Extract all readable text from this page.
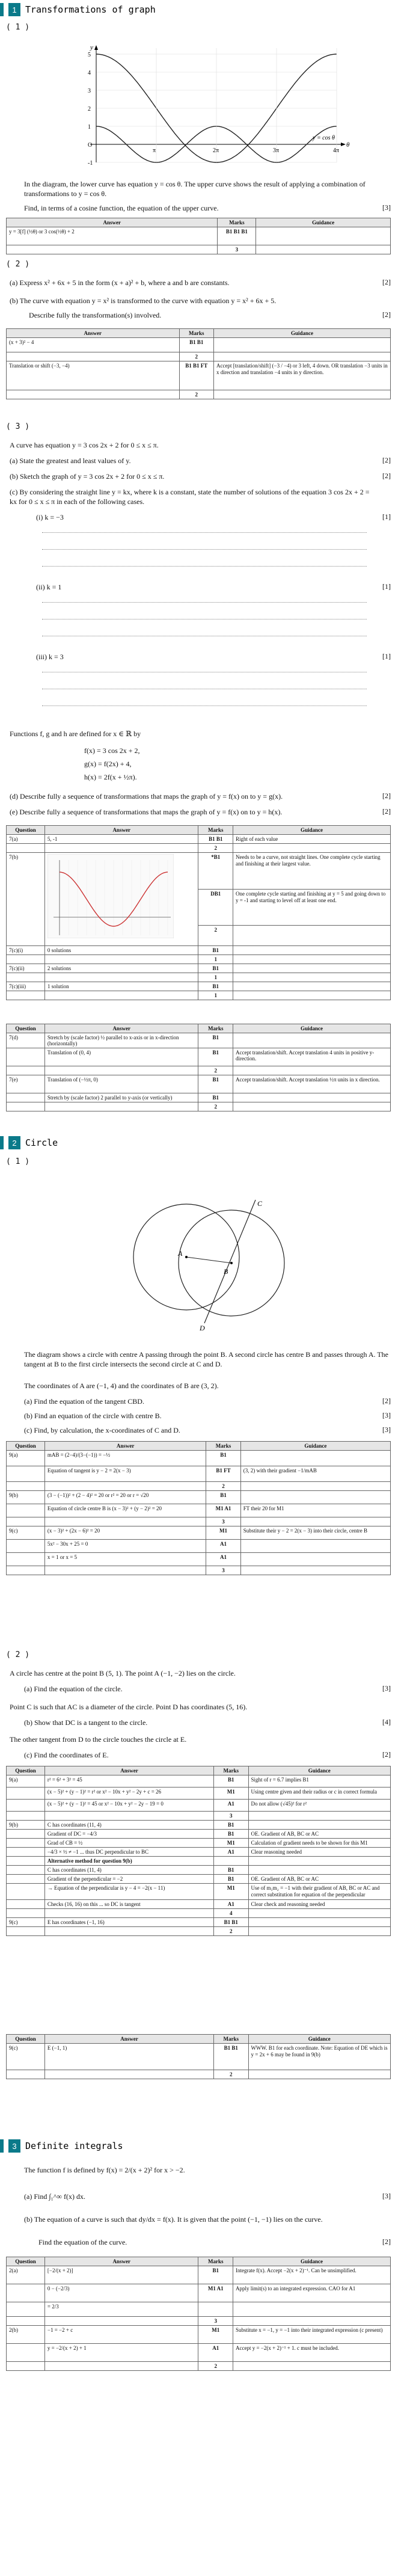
1 Transformations of graph
( 1 )
y
θ
y = cos θ
π	2π	3π	4π
5
4
3
2
1
O
-1
In the diagram, the lower curve has equation y = cos θ. The upper curve shows the result of applying a combination of transformations to y = cos θ.
Find, in terms of a cosine function, the equation of the upper curve.	[3]
Answer	Marks	Guidance
y = 3[f] (½θ) or 3 cos(½θ) + 2	B1 B1 B1	
	3	
( 2 )
(a) Express x² + 6x + 5 in the form (x + a)² + b, where a and b are constants.	[2]
(b) The curve with equation y = x² is transformed to the curve with equation y = x² + 6x + 5.
Describe fully the transformation(s) involved.	[2]
Answer	Marks	Guidance
(x + 3)² − 4	B1 B1	
	2	
Translation or shift (−3, −4)	B1 B1 FT	Accept [translation/shift] (−3 / −4) or 3 left, 4 down. OR translation −3 units in x direction and translation −4 units in y direction.
	2	
( 3 )
A curve has equation y = 3 cos 2x + 2 for 0 ≤ x ≤ π.
(a) State the greatest and least values of y.	[2]
(b) Sketch the graph of y = 3 cos 2x + 2 for 0 ≤ x ≤ π.	[2]
(c) By considering the straight line y = kx, where k is a constant, state the number of solutions of the equation 3 cos 2x + 2 = kx for 0 ≤ x ≤ π in each of the following cases.
(i) k = −3	[1]
(ii) k = 1	[1]
(iii) k = 3	[1]
Functions f, g and h are defined for x ∈ ℝ by
f(x) = 3 cos 2x + 2,
g(x) = f(2x) + 4,
h(x) = 2f(x + ½π).
(d) Describe fully a sequence of transformations that maps the graph of y = f(x) on to y = g(x).	[2]
(e) Describe fully a sequence of transformations that maps the graph of y = f(x) on to y = h(x).	[2]
Question	Answer	Marks	Guidance
7(a)	5, -1	B1 B1	Right of each value
		2	
7(b)		*B1	Needs to be a curve, not straight lines. One complete cycle starting and finishing at their largest value.
		DB1	One complete cycle starting and finishing at y = 5 and going down to y = -1 and starting to level off at least one end.
		2	
7(c)(i)	0 solutions	B1	
		1	
7(c)(ii)	2 solutions	B1	
		1	
7(c)(iii)	1 solution	B1	
		1	
Question	Answer	Marks	Guidance
7(d)	Stretch by (scale factor) ½ parallel to x-axis or in x-direction (horizontally)	B1	
	Translation of (0, 4)	B1	Accept translation/shift. Accept translation 4 units in positive y-direction.
		2	
7(e)	Translation of (−½π, 0)	B1	Accept translation/shift. Accept translation ½π units in x direction.
	Stretch by (scale factor) 2 parallel to y-axis (or vertically)	B1	
		2	
2 Circle
( 1 )
A
B
C
D
The diagram shows a circle with centre A passing through the point B. A second circle has centre B and passes through A. The tangent at B to the first circle intersects the second circle at C and D.
The coordinates of A are (−1, 4) and the coordinates of B are (3, 2).
(a) Find the equation of the tangent CBD.	[2]
(b) Find an equation of the circle with centre B.	[3]
(c) Find, by calculation, the x-coordinates of C and D.	[3]
Question	Answer	Marks	Guidance
9(a)	mAB = (2−4)/(3−(−1)) = −½	B1	
	Equation of tangent is y − 2 = 2(x − 3)	B1 FT	(3, 2) with their gradient −1/mAB
		2	
9(b)	(3 − (−1))² + (2 − 4)² = 20 or r² = 20 or r = √20	B1	
	Equation of circle centre B is (x − 3)² + (y − 2)² = 20	M1 A1	FT their 20 for M1
		3	
9(c)	(x − 3)² + (2x − 6)² = 20	M1	Substitute their y − 2 = 2(x − 3) into their circle, centre B
	5x² − 30x + 25 = 0	A1	
	x = 1 or x = 5	A1	
		3	
( 2 )
A circle has centre at the point B (5, 1). The point A (−1, −2) lies on the circle.
(a) Find the equation of the circle.	[3]
Point C is such that AC is a diameter of the circle. Point D has coordinates (5, 16).
(b) Show that DC is a tangent to the circle.	[4]
The other tangent from D to the circle touches the circle at E.
(c) Find the coordinates of E.	[2]
Question	Answer	Marks	Guidance
9(a)	r² = 6² + 3² = 45	B1	Sight of r = 6.7 implies B1
	(x − 5)² + (y − 1)² = r² or x² − 10x + y² − 2y + c = 26	M1	Using centre given and their radius or c in correct formula
	(x − 5)² + (y − 1)² = 45 or x² − 10x + y² − 2y − 19 = 0	A1	Do not allow (√45)² for r²
		3	
9(b)	C has coordinates (11, 4)	B1	
	Gradient of DC = −4/3	B1	OE. Gradient of AB, BC or AC
	Grad of CB = ½	M1	Calculation of gradient needs to be shown for this M1
	−4/3 × ½ ≠ −1 ... thus DC perpendicular to BC	A1	Clear reasoning needed
	Alternative method for question 9(b)		
	C has coordinates (11, 4)	B1	
	Gradient of the perpendicular = −2	B1	OE. Gradient of AB, BC or AC
	→ Equation of the perpendicular is y − 4 = −2(x − 11)	M1	Use of m₁m₂ = −1 with their gradient of AB, BC or AC and correct substitution for equation of the perpendicular
	Checks (16, 16) on this ... so DC is tangent	A1	Clear check and reasoning needed
		4	
9(c)	E has coordinates (−1, 16)	B1 B1	
		2	
Question	Answer	Marks	Guidance
9(c)	E (−1, 1)	B1 B1	WWW. B1 for each coordinate. Note: Equation of DE which is y = 2x + 6 may be found in 9(b)
		2	
3 Definite integrals
The function f is defined by f(x) = 2/(x + 2)² for x > −2.
(a) Find ∫₁^∞ f(x) dx.	[3]
(b) The equation of a curve is such that dy/dx = f(x). It is given that the point (−1, −1) lies on the curve.
Find the equation of the curve.	[2]
Question	Answer	Marks	Guidance
2(a)	[−2/(x + 2)]	B1	Integrate f(x). Accept −2(x + 2)⁻¹. Can be unsimplified.
	0 − (−2/3)	M1 A1	Apply limit(s) to an integrated expression. CAO for A1
	= 2/3		
		3	
2(b)	−1 = −2 + c	M1	Substitute x = −1, y = −1 into their integrated expression (c present)
	y = −2/(x + 2) + 1	A1	Accept y = −2(x + 2)⁻¹ + 1. c must be included.
		2	
